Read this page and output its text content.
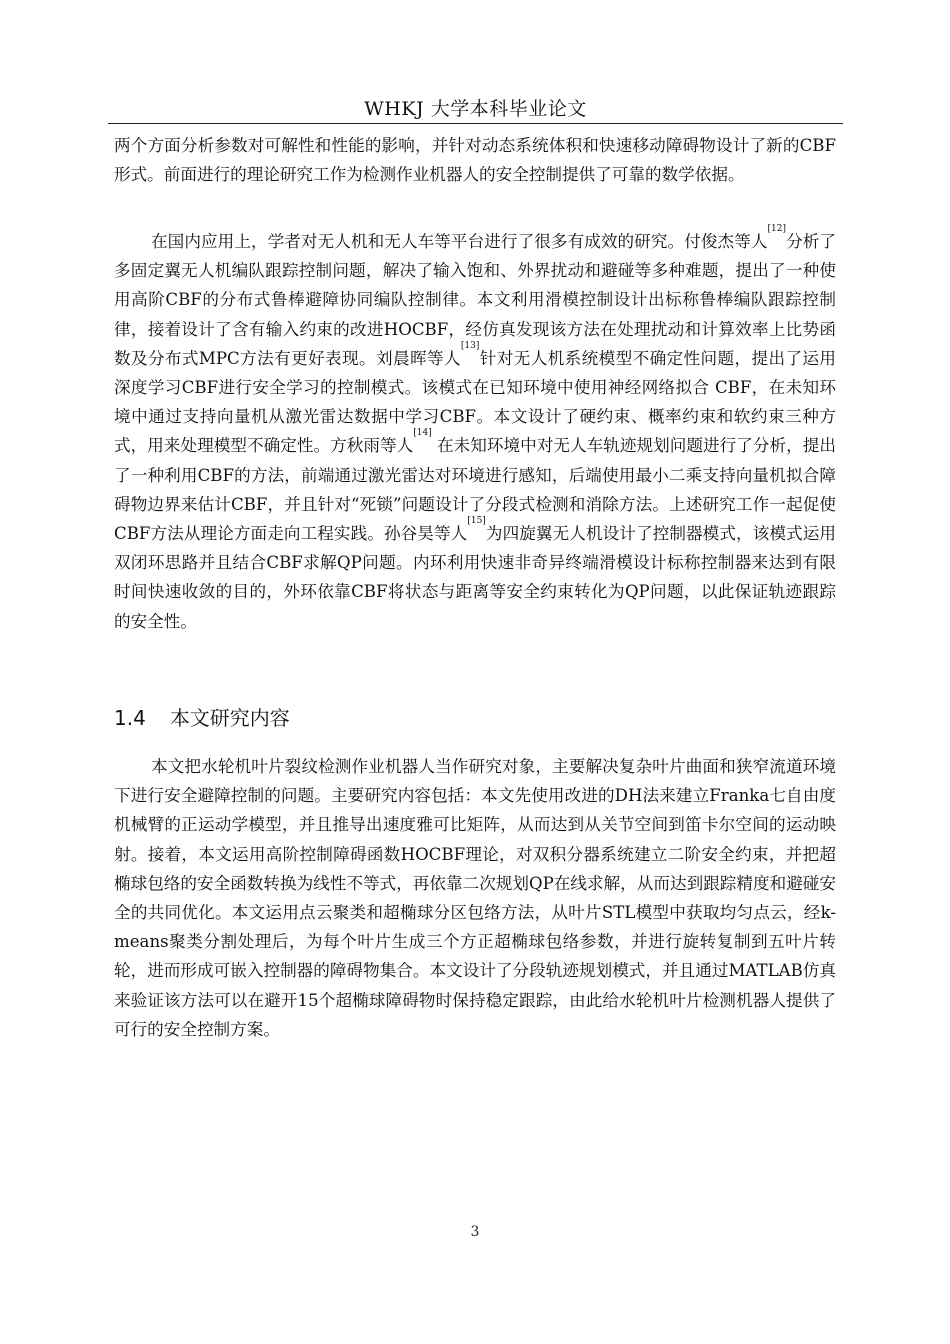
WHKJ 大学本科毕业论文

两个方面分析参数对可解性和性能的影响，并针对动态系统体积和快速移动障碍物设计了新的CBF形式。前面进行的理论研究工作为检测作业机器人的安全控制提供了可靠的数学依据。

在国内应用上，学者对无人机和无人车等平台进行了很多有成效的研究。付俊杰等人[12]分析了多固定翼无人机编队跟踪控制问题，解决了输入饱和、外界扰动和避碰等多种难题，提出了一种使用高阶CBF的分布式鲁棒避障协同编队控制律。本文利用滑模控制设计出标称鲁棒编队跟踪控制律，接着设计了含有输入约束的改进HOCBF，经仿真发现该方法在处理扰动和计算效率上比势函数及分布式MPC方法有更好表现。刘晨晖等人[13]针对无人机系统模型不确定性问题，提出了运用深度学习CBF进行安全学习的控制模式。该模式在已知环境中使用神经网络拟合 CBF，在未知环境中通过支持向量机从激光雷达数据中学习CBF。本文设计了硬约束、概率约束和软约束三种方式，用来处理模型不确定性。方秋雨等人[14] 在未知环境中对无人车轨迹规划问题进行了分析，提出了一种利用CBF的方法，前端通过激光雷达对环境进行感知，后端使用最小二乘支持向量机拟合障碍物边界来估计CBF，并且针对“死锁”问题设计了分段式检测和消除方法。上述研究工作一起促使CBF方法从理论方面走向工程实践。孙谷昊等人[15]为四旋翼无人机设计了控制器模式，该模式运用双闭环思路并且结合CBF求解QP问题。内环利用快速非奇异终端滑模设计标称控制器来达到有限时间快速收敛的目的，外环依靠CBF将状态与距离等安全约束转化为QP问题，以此保证轨迹跟踪的安全性。

1.4 本文研究内容

本文把水轮机叶片裂纹检测作业机器人当作研究对象，主要解决复杂叶片曲面和狭窄流道环境下进行安全避障控制的问题。主要研究内容包括：本文先使用改进的DH法来建立Franka七自由度机械臂的正运动学模型，并且推导出速度雅可比矩阵，从而达到从关节空间到笛卡尔空间的运动映射。接着，本文运用高阶控制障碍函数HOCBF理论，对双积分器系统建立二阶安全约束，并把超椭球包络的安全函数转换为线性不等式，再依靠二次规划QP在线求解，从而达到跟踪精度和避碰安全的共同优化。本文运用点云聚类和超椭球分区包络方法，从叶片STL模型中获取均匀点云，经k-means聚类分割处理后，为每个叶片生成三个方正超椭球包络参数，并进行旋转复制到五叶片转轮，进而形成可嵌入控制器的障碍物集合。本文设计了分段轨迹规划模式，并且通过MATLAB仿真来验证该方法可以在避开15个超椭球障碍物时保持稳定跟踪，由此给水轮机叶片检测机器人提供了可行的安全控制方案。

3
